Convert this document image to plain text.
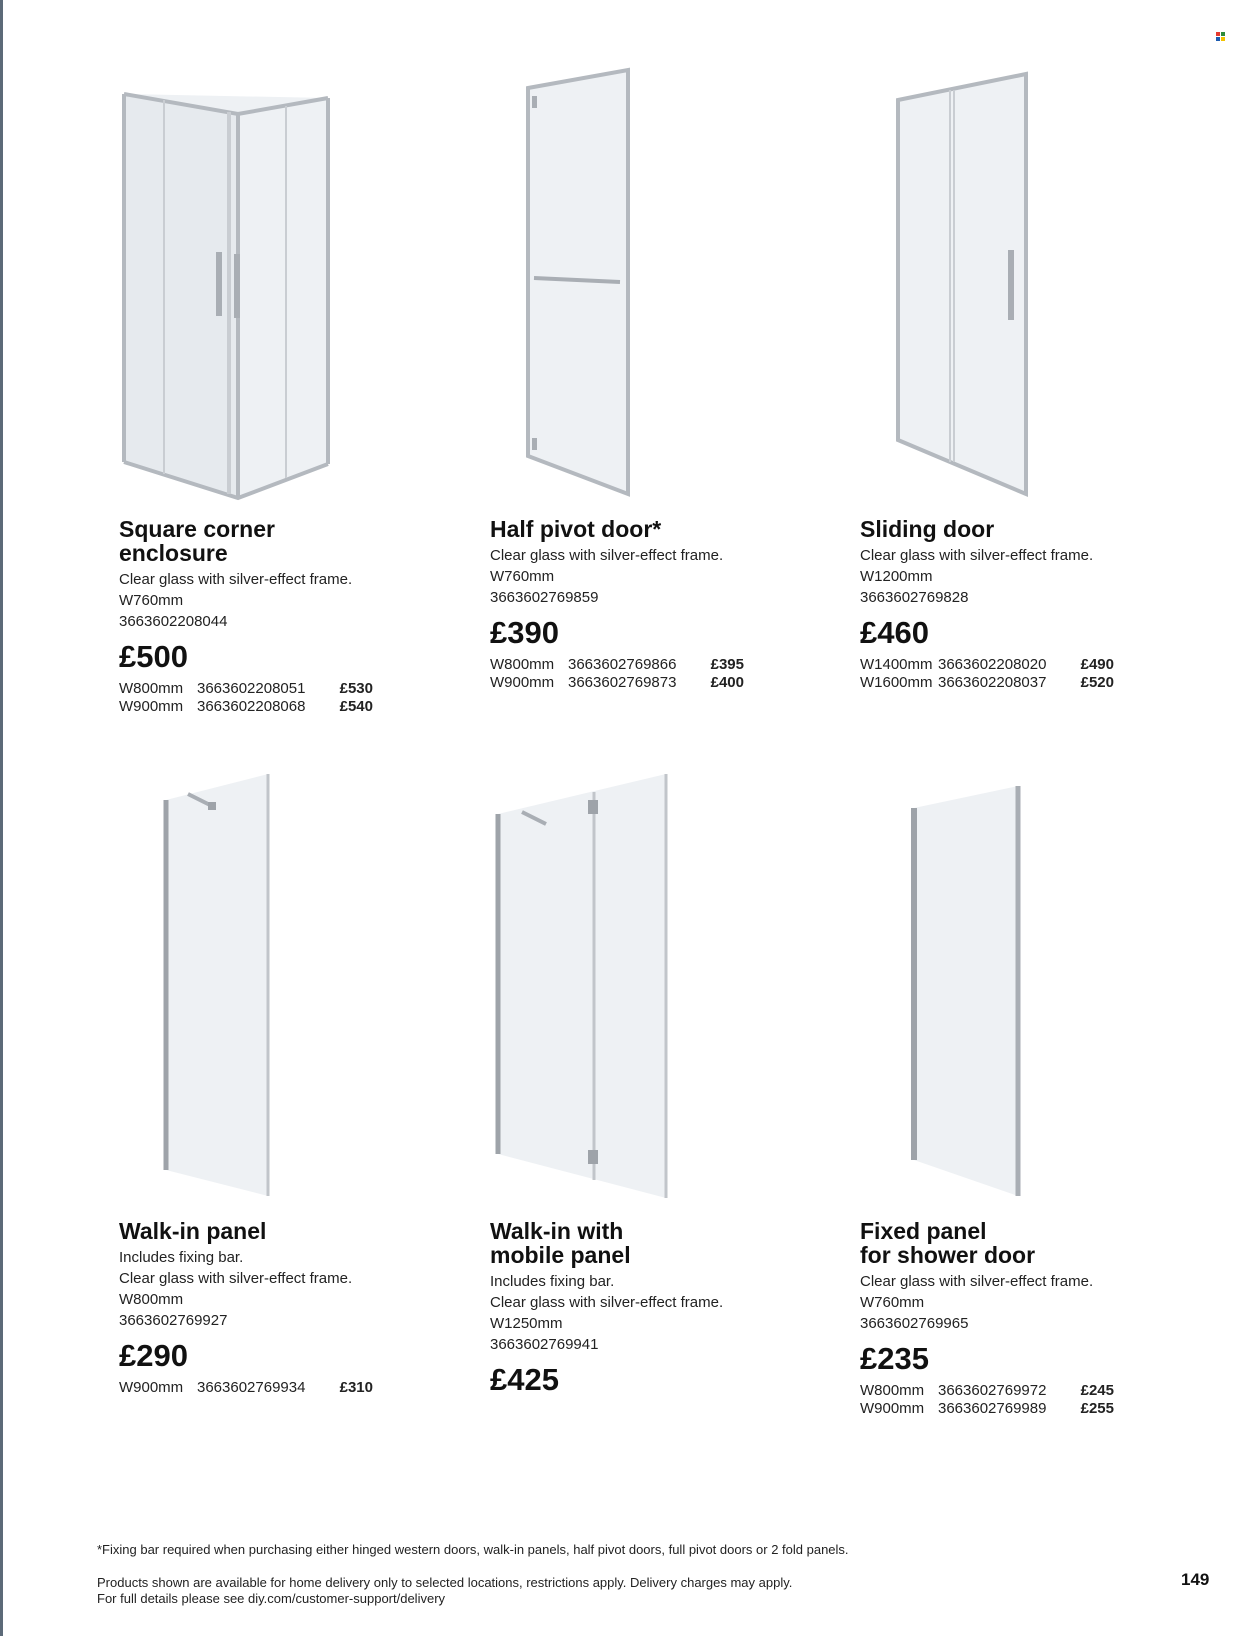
Square corner
enclosure
Clear glass with silver-effect frame.
W760mm
3663602208044
£500
W800mm 3663602208051	£530
W900mm 3663602208068	£540
Half pivot door*
Clear glass with silver-effect frame.
W760mm
3663602769859
£390
W800mm 3663602769866	£395
W900mm 3663602769873	£400
Sliding door
Clear glass with silver-effect frame.
W1200mm
3663602769828
£460
W1400mm 3663602208020	£490
W1600mm 3663602208037	£520
Walk-in panel
Includes fixing bar.
Clear glass with silver-effect frame.
W800mm
3663602769927
£290
W900mm 3663602769934	£310
Walk-in with
mobile panel
Includes fixing bar.
Clear glass with silver-effect frame.
W1250mm
3663602769941
£425
Fixed panel
for shower door
Clear glass with silver-effect frame.
W760mm
3663602769965
£235
W800mm 3663602769972	£245
W900mm 3663602769989	£255
*Fixing bar required when purchasing either hinged western doors, walk-in panels, half pivot doors, full pivot doors or 2 fold panels.
Products shown are available for home delivery only to selected locations, restrictions apply. Delivery charges may apply.
For full details please see diy.com/customer-support/delivery
149
